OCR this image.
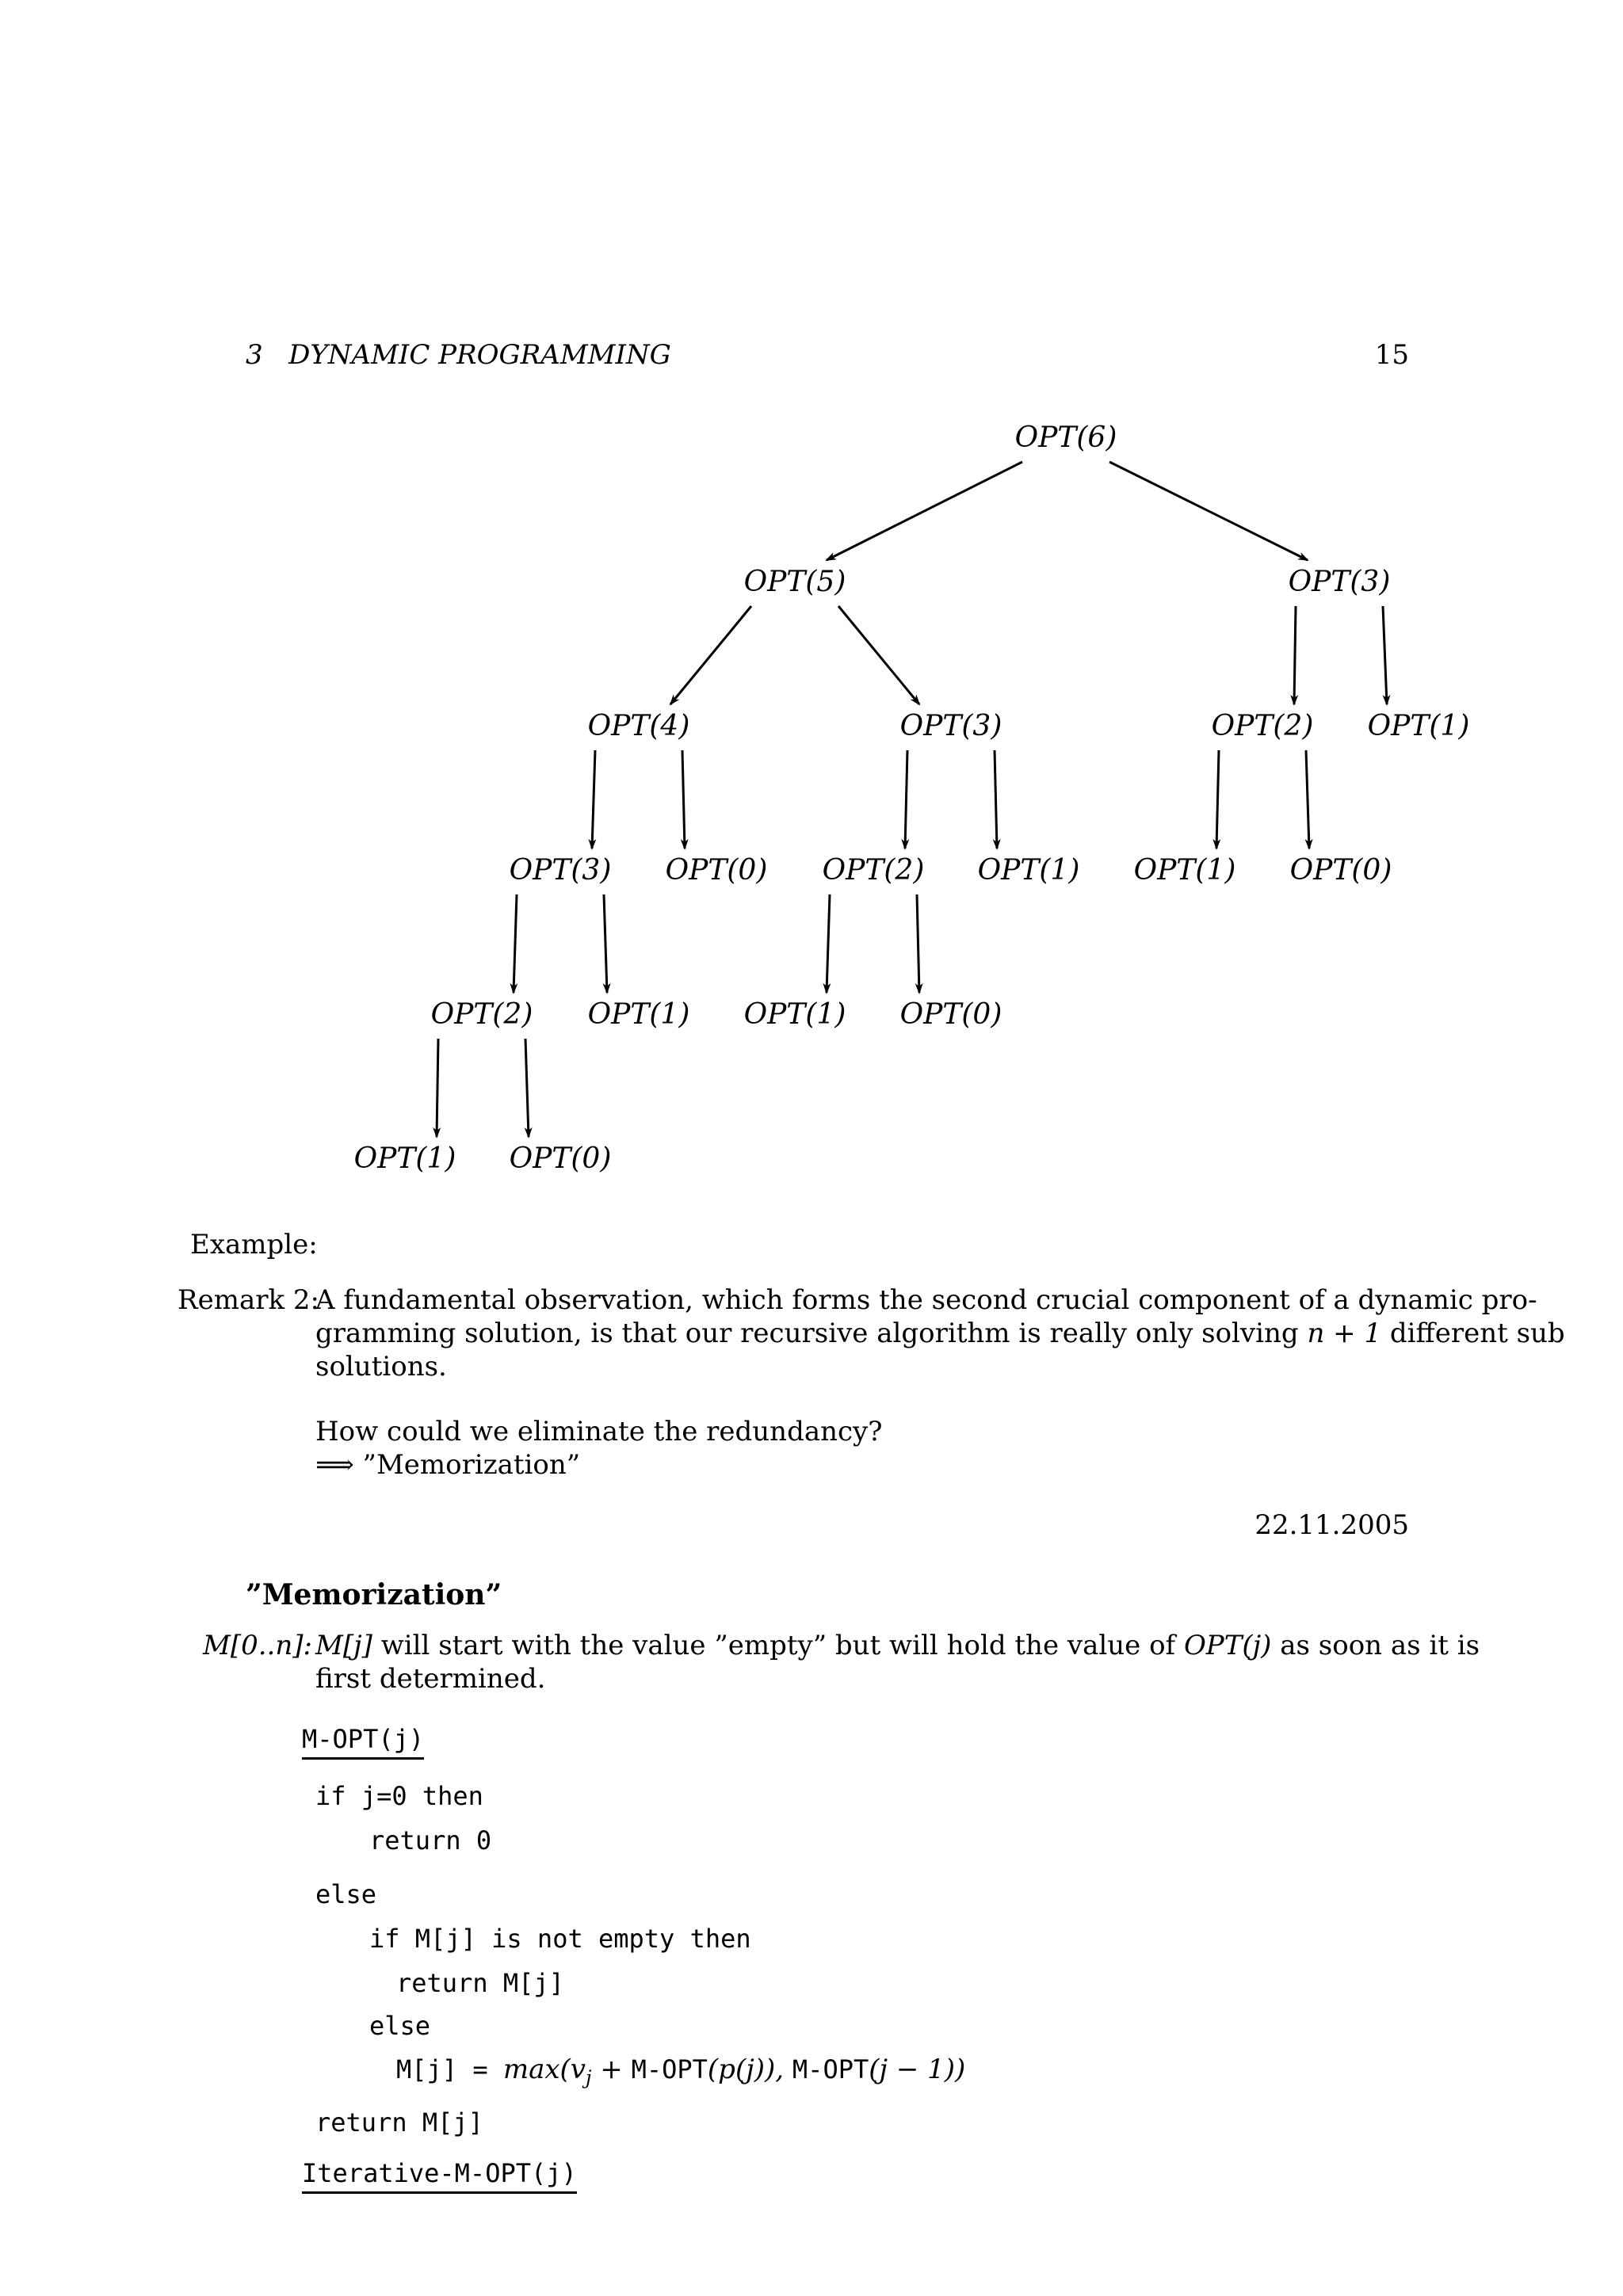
3 DYNAMIC PROGRAMMING	15
OPT(6)
OPT(5)	OPT(3)
OPT(4)	OPT(3)	OPT(2) OPT(1)
OPT(3) OPT(0) OPT(2) OPT(1) OPT(1) OPT(0)
OPT(2) OPT(1) OPT(1) OPT(0)
OPT(1) OPT(0)
Example:
Remark 2:
A fundamental observation, which forms the second crucial component of a dynamic pro-
gramming solution, is that our recursive algorithm is really only solving n + 1 different sub
solutions.
How could we eliminate the redundancy?
⟹ ”Memorization”
22.11.2005
”Memorization”
M[0..n]: M[j] will start with the value ”empty” but will hold the value of OPT(j) as soon as it is
first determined.
M-OPT(j)
if j=0 then
return 0
else
if M[j] is not empty then
return M[j]
else
$M[j] = \max(v_j + M-OPT(p(j))$, M-OPT(j − 1))
return M[j]
Iterative-M-OPT(j)
